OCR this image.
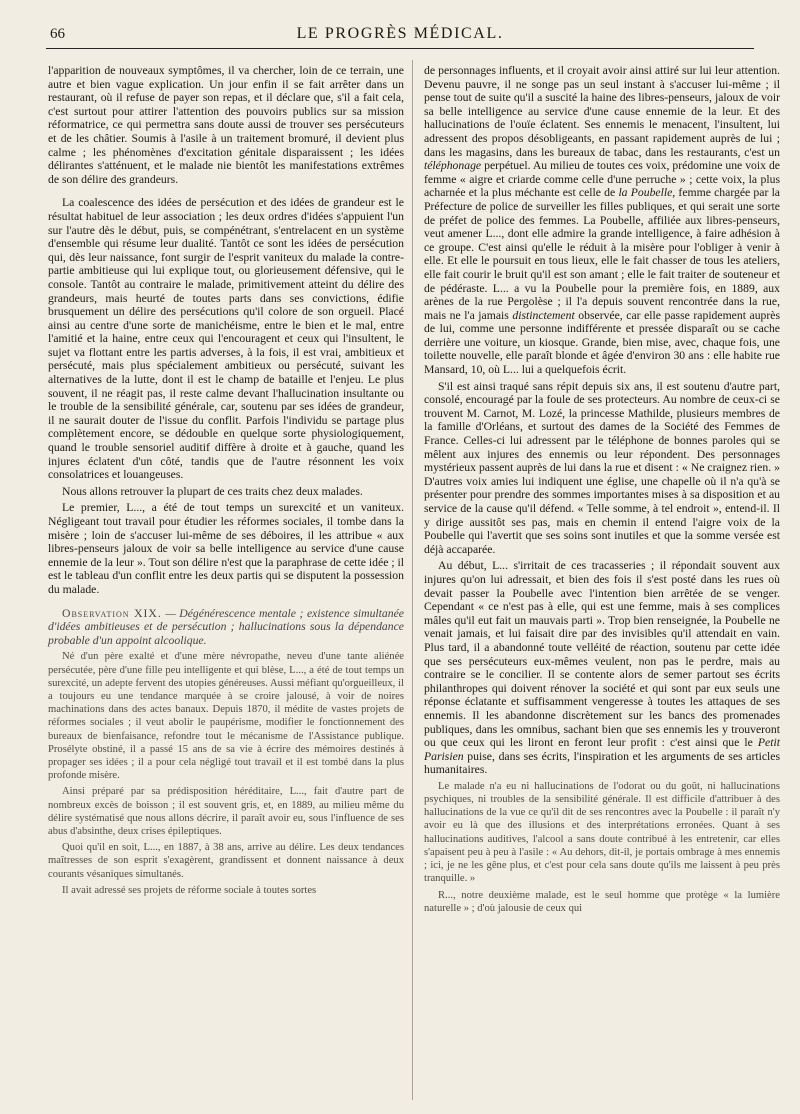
66	LE PROGRÈS MÉDICAL.

l'apparition de nouveaux symptômes, il va chercher, loin de ce terrain, une autre et bien vague explication. Un jour enfin il se fait arrêter dans un restaurant, où il refuse de payer son repas, et il déclare que, s'il a fait cela, c'est surtout pour attirer l'attention des pouvoirs publics sur sa mission réformatrice, ce qui permettra sans doute aussi de trouver ses persécuteurs et de les châtier. Soumis à l'asile à un traitement bromuré, il devient plus calme ; les phénomènes d'excitation génitale disparaissent ; les idées délirantes s'atténuent, et le malade nie bientôt les manifestations extrêmes de son délire des grandeurs.

La coalescence des idées de persécution et des idées de grandeur est le résultat habituel de leur association ; les deux ordres d'idées s'appuient l'un sur l'autre dès le début, puis, se compénétrant, s'entrelacent en un système d'ensemble qui résume leur dualité. Tantôt ce sont les idées de persécution qui, dès leur naissance, font surgir de l'esprit vaniteux du malade la contre-partie ambitieuse qui lui explique tout, ou glorieusement défensive, qui le console. Tantôt au contraire le malade, primitivement atteint du délire des grandeurs, mais heurté de toutes parts dans ses convictions, édifie brusquement un délire des persécutions qu'il colore de son orgueil. Placé ainsi au centre d'une sorte de manichéisme, entre le bien et le mal, entre l'amitié et la haine, entre ceux qui l'encouragent et ceux qui l'insultent, le sujet va flottant entre les partis adverses, à la fois, il est vrai, ambitieux et persécuté, mais plus spécialement ambitieux ou persécuté, suivant les alternatives de la lutte, dont il est le champ de bataille et l'enjeu. Le plus souvent, il ne réagit pas, il reste calme devant l'hallucination insultante ou le trouble de la sensibilité générale, car, soutenu par ses idées de grandeur, il ne saurait douter de l'issue du conflit. Parfois l'individu se partage plus complètement encore, se dédouble en quelque sorte physiologiquement, quand le trouble sensoriel auditif diffère à droite et à gauche, quand les injures éclatent d'un côté, tandis que de l'autre résonnent les voix consolatrices et louangeuses.

Nous allons retrouver la plupart de ces traits chez deux malades.

Le premier, L..., a été de tout temps un surexcité et un vaniteux. Négligeant tout travail pour étudier les réformes sociales, il tombe dans la misère ; loin de s'accuser lui-même de ses déboires, il les attribue « aux libres-penseurs jaloux de voir sa belle intelligence au service d'une cause ennemie de la leur ». Tout son délire n'est que la paraphrase de cette idée ; il est le tableau d'un conflit entre les deux partis qui se disputent la possession du malade.

Observation XIX. — Dégénérescence mentale ; existence simultanée d'idées ambitieuses et de persécution ; hallucinations sous la dépendance probable d'un appoint alcoolique.

Né d'un père exalté et d'une mère névropathe, neveu d'une tante aliénée persécutée, père d'une fille peu intelligente et qui blèse, L..., a été de tout temps un surexcité, un adepte fervent des utopies généreuses. Aussi méfiant qu'orgueilleux, il a toujours eu une tendance marquée à se croire jalousé, à voir de noires machinations dans des actes banaux. Depuis 1870, il médite de vastes projets de réformes sociales ; il veut abolir le paupérisme, modifier le fonctionnement des bureaux de bienfaisance, refondre tout le mécanisme de l'Assistance publique. Prosélyte obstiné, il a passé 15 ans de sa vie à écrire des mémoires destinés à propager ses idées ; il a pour cela négligé tout travail et il est tombé dans la plus profonde misère.

Ainsi préparé par sa prédisposition héréditaire, L..., fait d'autre part de nombreux excès de boisson ; il est souvent gris, et, en 1889, au milieu même du délire systématisé que nous allons décrire, il paraît avoir eu, sous l'influence de ses abus d'absinthe, deux crises épileptiques.

Quoi qu'il en soit, L..., en 1887, à 38 ans, arrive au délire. Les deux tendances maîtresses de son esprit s'exagèrent, grandissent et donnent naissance à deux courants vésaniques simultanés.

Il avait adressé ses projets de réforme sociale à toutes sortes

de personnages influents, et il croyait avoir ainsi attiré sur lui leur attention. Devenu pauvre, il ne songe pas un seul instant à s'accuser lui-même ; il pense tout de suite qu'il a suscité la haine des libres-penseurs, jaloux de voir sa belle intelligence au service d'une cause ennemie de la leur. Et des hallucinations de l'ouïe éclatent. Ses ennemis le menacent, l'insultent, lui adressent des propos désobligeants, en passant rapidement auprès de lui ; dans les magasins, dans les bureaux de tabac, dans les restaurants, c'est un téléphonage perpétuel. Au milieu de toutes ces voix, prédomine une voix de femme « aigre et criarde comme celle d'une perruche » ; cette voix, la plus acharnée et la plus méchante est celle de la Poubelle, femme chargée par la Préfecture de police de surveiller les filles publiques, et qui serait une sorte de préfet de police des femmes. La Poubelle, affiliée aux libres-penseurs, veut amener L..., dont elle admire la grande intelligence, à faire adhésion à ce groupe. C'est ainsi qu'elle le réduit à la misère pour l'obliger à venir à elle. Et elle le poursuit en tous lieux, elle le fait chasser de tous les ateliers, elle fait courir le bruit qu'il est son amant ; elle le fait traiter de souteneur et de pédéraste. L... a vu la Poubelle pour la première fois, en 1889, aux arènes de la rue Pergolèse ; il l'a depuis souvent rencontrée dans la rue, mais ne l'a jamais distinctement observée, car elle passe rapidement auprès de lui, comme une personne indifférente et pressée disparaît ou se cache derrière une voiture, un kiosque. Grande, bien mise, avec, chaque fois, une toilette nouvelle, elle paraît blonde et âgée d'environ 30 ans : elle habite rue Mansard, 10, où L... lui a quelquefois écrit.

S'il est ainsi traqué sans répit depuis six ans, il est soutenu d'autre part, consolé, encouragé par la foule de ses protecteurs. Au nombre de ceux-ci se trouvent M. Carnot, M. Lozé, la princesse Mathilde, plusieurs membres de la famille d'Orléans, et surtout des dames de la Société des Femmes de France. Celles-ci lui adressent par le téléphone de bonnes paroles qui se mêlent aux injures des ennemis ou leur répondent. Des personnages mystérieux passent auprès de lui dans la rue et disent : « Ne craignez rien. » D'autres voix amies lui indiquent une église, une chapelle où il n'a qu'à se présenter pour prendre des sommes importantes mises à sa disposition et au service de la cause qu'il défend. « Telle somme, à tel endroit », entend-il. Il y dirige aussitôt ses pas, mais en chemin il entend l'aigre voix de la Poubelle qui l'avertit que ses soins sont inutiles et que la somme versée est déjà accaparée.

Au début, L... s'irritait de ces tracasseries ; il répondait souvent aux injures qu'on lui adressait, et bien des fois il s'est posté dans les rues où devait passer la Poubelle avec l'intention bien arrêtée de se venger. Cependant « ce n'est pas à elle, qui est une femme, mais à ses complices mâles qu'il eut fait un mauvais parti ». Trop bien renseignée, la Poubelle ne venait jamais, et lui faisait dire par des invisibles qu'il attendait en vain. Plus tard, il a abandonné toute velléité de réaction, soutenu par cette idée que ses persécuteurs eux-mêmes veulent, non pas le perdre, mais au contraire se le concilier. Il se contente alors de semer partout ses écrits philanthropes qui doivent rénover la société et qui sont par eux seuls une réponse éclatante et suffisamment vengeresse à toutes les attaques de ses ennemis. Il les abandonne discrètement sur les bancs des promenades publiques, dans les omnibus, sachant bien que ses ennemis les y trouveront ou que ceux qui les liront en feront leur profit : c'est ainsi que le Petit Parisien puise, dans ses écrits, l'inspiration et les arguments de ses articles humanitaires.

Le malade n'a eu ni hallucinations de l'odorat ou du goût, ni hallucinations psychiques, ni troubles de la sensibilité générale. Il est difficile d'attribuer à des hallucinations de la vue ce qu'il dit de ses rencontres avec la Poubelle : il paraît n'y avoir eu là que des illusions et des interprétations erronées. Quant à ses hallucinations auditives, l'alcool a sans doute contribué à les entretenir, car elles s'apaisent peu à peu à l'asile : « Au dehors, dit-il, je portais ombrage à mes ennemis ; ici, je ne les gêne plus, et c'est pour cela sans doute qu'ils me laissent à peu près tranquille. »

R..., notre deuxième malade, est le seul homme que protège « la lumière naturelle » ; d'où jalousie de ceux qui
